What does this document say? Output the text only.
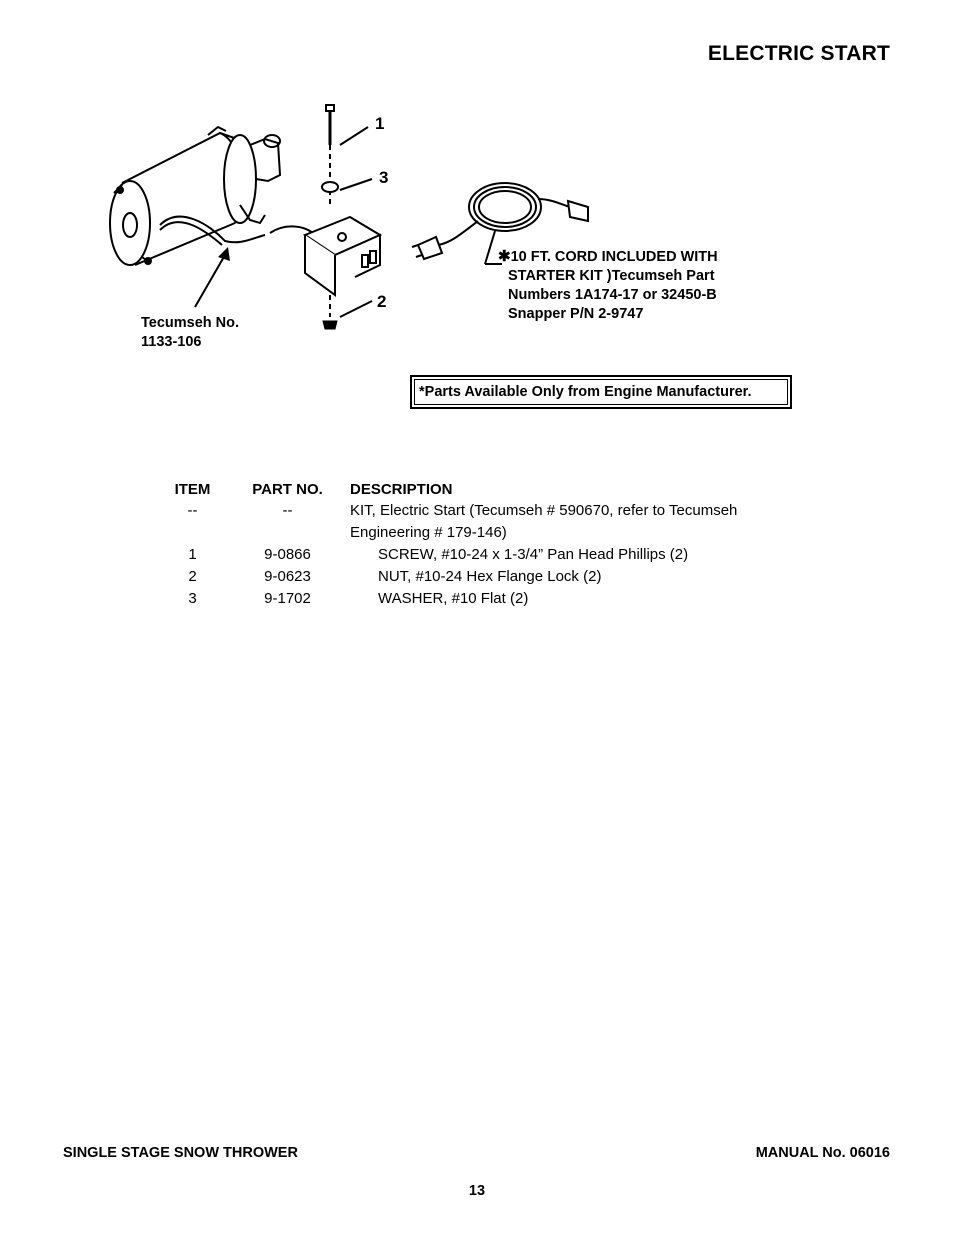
ELECTRIC START
1
3
2
Tecumseh No.
1133-106
✱10 FT. CORD INCLUDED WITH
STARTER KIT )Tecumseh Part
Numbers 1A174-17 or 32450-B
Snapper P/N 2-9747
*Parts Available Only from Engine Manufacturer.
ITEM	PART NO.	DESCRIPTION
--	--	KIT, Electric Start (Tecumseh # 590670, refer to Tecumseh
		Engineering # 179-146)
1	9-0866	SCREW, #10-24 x 1-3/4” Pan Head Phillips (2)
2	9-0623	NUT, #10-24 Hex Flange Lock (2)
3	9-1702	WASHER, #10 Flat (2)
SINGLE STAGE SNOW THROWER	MANUAL No. 06016
13
